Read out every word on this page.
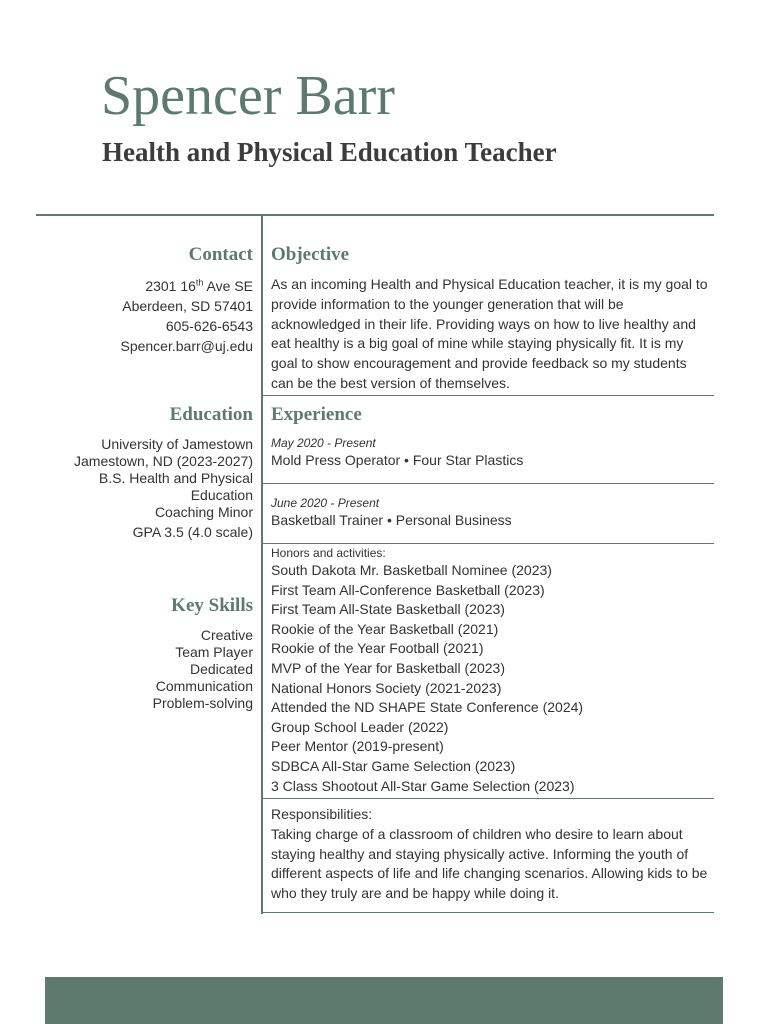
Spencer Barr
Health and Physical Education Teacher
Contact
2301 16th Ave SE
Aberdeen, SD 57401
605-626-6543
Spencer.barr@uj.edu
Education
University of Jamestown
Jamestown, ND (2023-2027)
B.S. Health and Physical
Education
Coaching Minor
GPA 3.5 (4.0 scale)
Key Skills
Creative
Team Player
Dedicated
Communication
Problem-solving
Objective
As an incoming Health and Physical Education teacher, it is my goal to provide information to the younger generation that will be acknowledged in their life. Providing ways on how to live healthy and eat healthy is a big goal of mine while staying physically fit. It is my goal to show encouragement and provide feedback so my students can be the best version of themselves.
Experience
May 2020 - Present
Mold Press Operator • Four Star Plastics
June 2020 - Present
Basketball Trainer • Personal Business
Honors and activities:
South Dakota Mr. Basketball Nominee (2023)
First Team All-Conference Basketball (2023)
First Team All-State Basketball (2023)
Rookie of the Year Basketball (2021)
Rookie of the Year Football (2021)
MVP of the Year for Basketball (2023)
National Honors Society (2021-2023)
Attended the ND SHAPE State Conference (2024)
Group School Leader (2022)
Peer Mentor (2019-present)
SDBCA All-Star Game Selection (2023)
3 Class Shootout All-Star Game Selection (2023)
Responsibilities:
Taking charge of a classroom of children who desire to learn about staying healthy and staying physically active. Informing the youth of different aspects of life and life changing scenarios. Allowing kids to be who they truly are and be happy while doing it.
